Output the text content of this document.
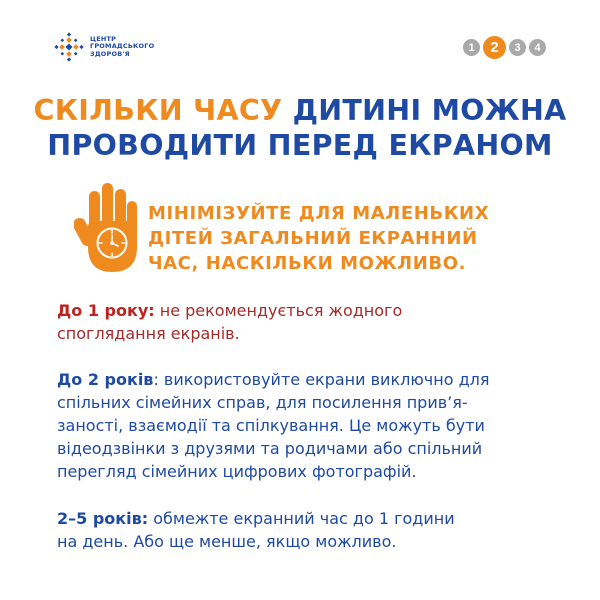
ЦЕНТР
ГРОМАДСЬКОГО
ЗДОРОВ'Я
1	2	3	4
СКІЛЬКИ ЧАСУ ДИТИНІ МОЖНА
ПРОВОДИТИ ПЕРЕД ЕКРАНОМ
МІНІМІЗУЙТЕ ДЛЯ МАЛЕНЬКИХ
ДІТЕЙ ЗАГАЛЬНИЙ ЕКРАННИЙ
ЧАС, НАСКІЛЬКИ МОЖЛИВО.
До 1 року: не рекомендується жодного
споглядання екранів.
До 2 років: використовуйте екрани виключно для
спільних сімейних справ, для посилення прив’я-
заності, взаємодії та спілкування. Це можуть бути
відеодзвінки з друзями та родичами або спільний
перегляд сімейних цифрових фотографій.
2–5 років: обмежте екранний час до 1 години
на день. Або ще менше, якщо можливо.
